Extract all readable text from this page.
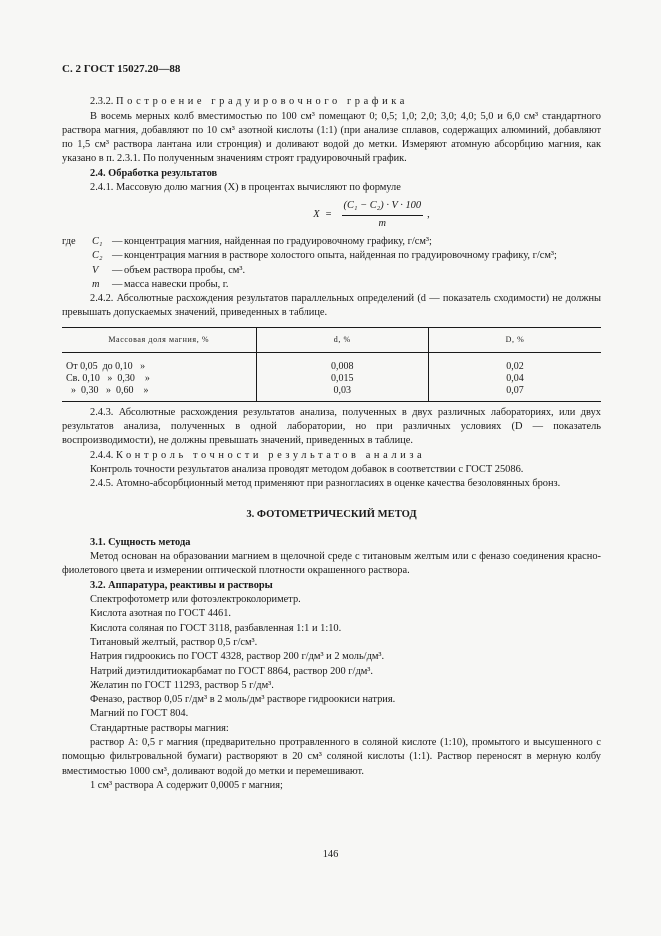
С. 2 ГОСТ 15027.20—88

2.3.2. Построение градуировочного графика

В восемь мерных колб вместимостью по 100 см³ помещают 0; 0,5; 1,0; 2,0; 3,0; 4,0; 5,0 и 6,0 см³ стандартного раствора магния, добавляют по 10 см³ азотной кислоты (1:1) (при анализе сплавов, содержащих алюминий, добавляют по 1,5 см³ раствора лантана или стронция) и доливают водой до метки. Измеряют атомную абсорбцию магния, как указано в п. 2.3.1. По полученным значениям строят градуировочный график.

2.4. Обработка результатов

2.4.1. Массовую долю магния (X) в процентах вычисляют по формуле

$X = \frac{\text{(C₁ − C₂) · V · 100}}{m}$ ,
где	C₁ — концентрация магния, найденная по градуировочному графику, г/см³;
C₂ — концентрация магния в растворе холостого опыта, найденная по градуировочному графику, г/см³;
V	— объем раствора пробы, см³.
m	— масса навески пробы, г.

2.4.2. Абсолютные расхождения результатов параллельных определений (d — показатель сходимости) не должны превышать допускаемых значений, приведенных в таблице.

Массовая доля магния, %	d, %	D, %
От 0,05  до 0,10   »	0,008	0,02
Св. 0,10   »  0,30    »	0,015	0,04
»  0,30   »  0,60    »	0,03	0,07

2.4.3. Абсолютные расхождения результатов анализа, полученных в двух различных лабораториях, или двух результатов анализа, полученных в одной лаборатории, но при различных условиях (D — показатель воспроизводимости), не должны превышать значений, приведенных в таблице.

2.4.4. Контроль точности результатов анализа

Контроль точности результатов анализа проводят методом добавок в соответствии с ГОСТ 25086.

2.4.5. Атомно-абсорбционный метод применяют при разногласиях в оценке качества безоловянных бронз.

3. ФОТОМЕТРИЧЕСКИЙ МЕТОД

3.1. Сущность метода

Метод основан на образовании магнием в щелочной среде с титановым желтым или с феназо соединения красно-фиолетового цвета и измерении оптической плотности окрашенного раствора.

3.2. Аппаратура, реактивы и растворы

Спектрофотометр или фотоэлектроколориметр.

Кислота азотная по ГОСТ 4461.

Кислота соляная по ГОСТ 3118, разбавленная 1:1 и 1:10.

Титановый желтый, раствор 0,5 г/см³.

Натрия гидроокись по ГОСТ 4328, раствор 200 г/дм³ и 2 моль/дм³.

Натрий диэтилдитиокарбамат по ГОСТ 8864, раствор 200 г/дм³.

Желатин по ГОСТ 11293, раствор 5 г/дм³.

Феназо, раствор 0,05 г/дм³ в 2 моль/дм³ растворе гидроокиси натрия.

Магний по ГОСТ 804.

Стандартные растворы магния:

раствор А: 0,5 г магния (предварительно протравленного в соляной кислоте (1:10), промытого и высушенного с помощью фильтровальной бумаги) растворяют в 20 см³ соляной кислоты (1:1). Раствор переносят в мерную колбу вместимостью 1000 см³, доливают водой до метки и перемешивают.

1 см³ раствора А содержит 0,0005 г магния;

146
